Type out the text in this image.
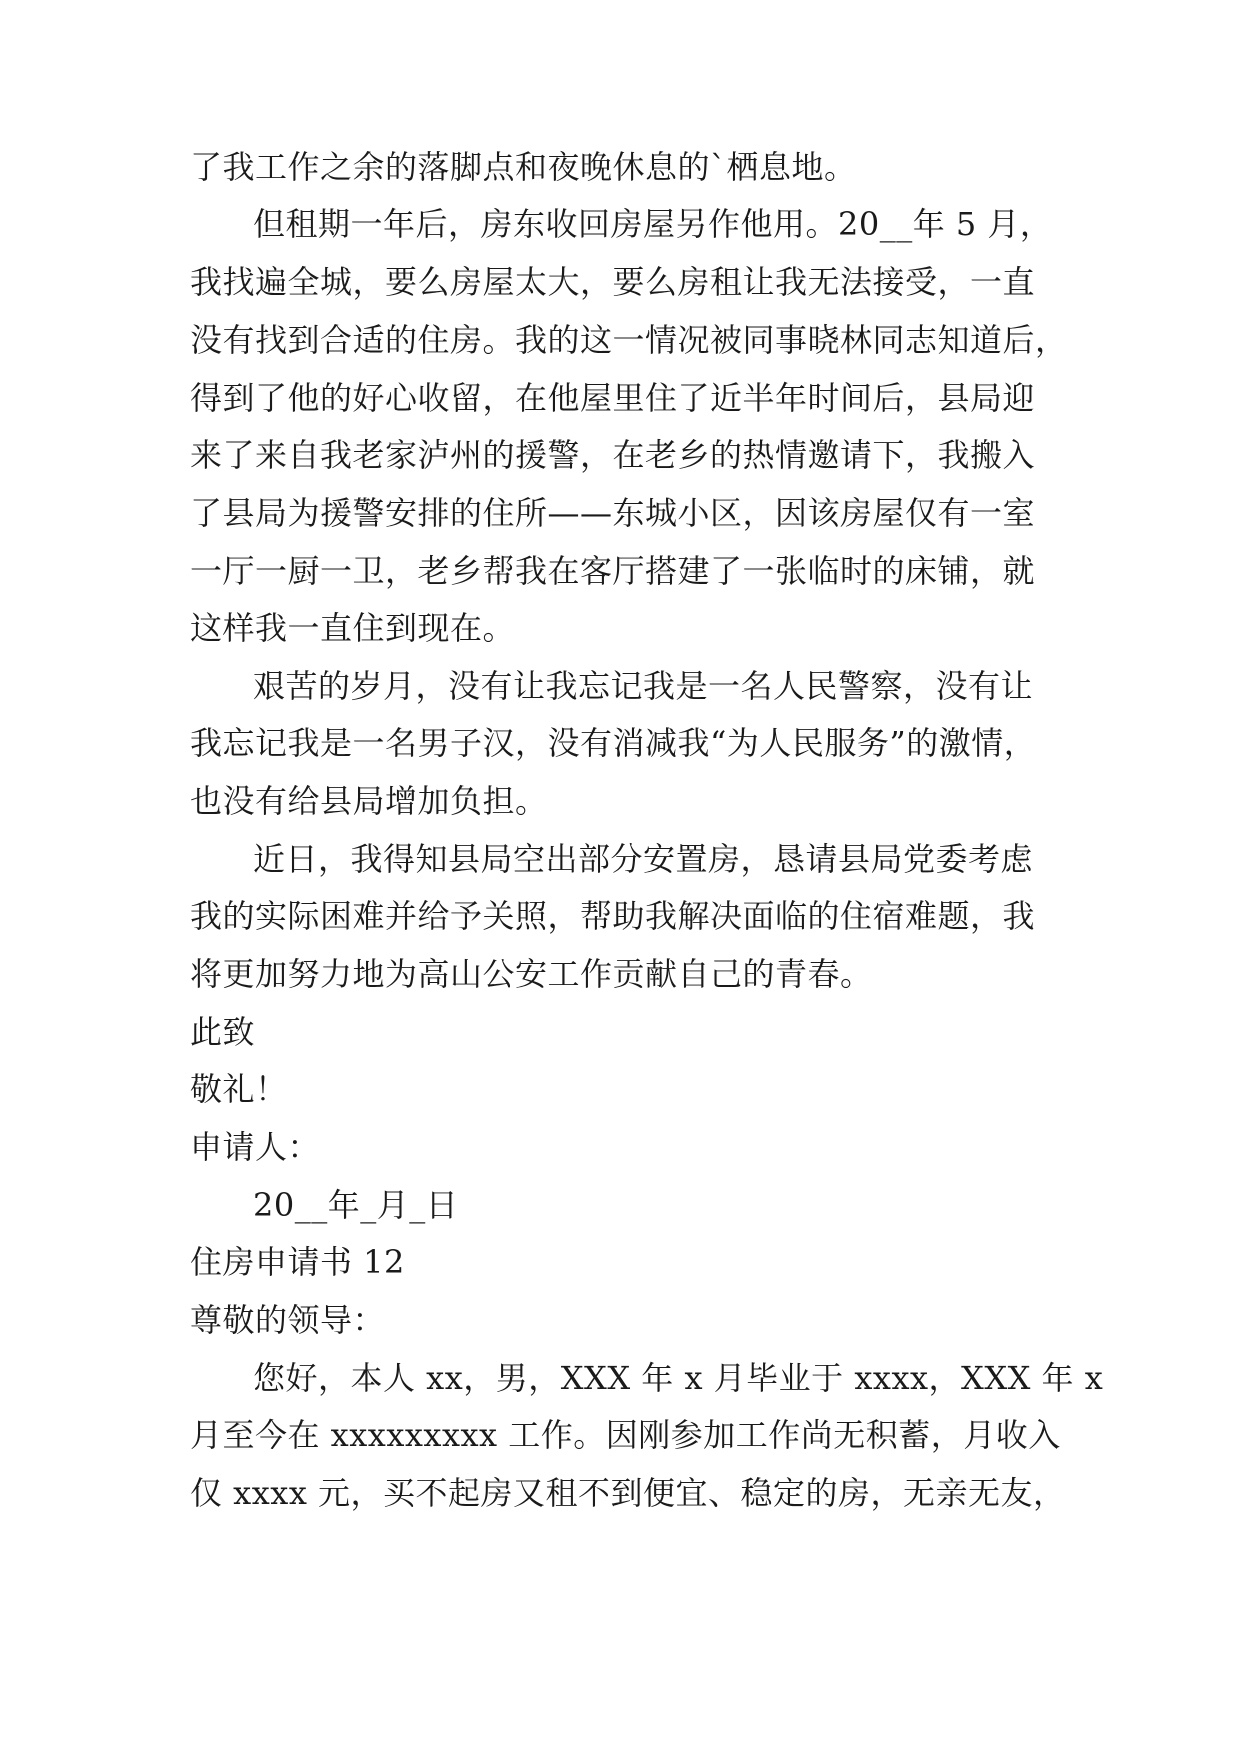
了我工作之余的落脚点和夜晚休息的`栖息地。
但租期一年后，房东收回房屋另作他用。20__年 5 月，
我找遍全城，要么房屋太大，要么房租让我无法接受，一直
没有找到合适的住房。我的这一情况被同事晓林同志知道后，
得到了他的好心收留，在他屋里住了近半年时间后，县局迎
来了来自我老家泸州的援警，在老乡的热情邀请下，我搬入
了县局为援警安排的住所——东城小区，因该房屋仅有一室
一厅一厨一卫，老乡帮我在客厅搭建了一张临时的床铺，就
这样我一直住到现在。
艰苦的岁月，没有让我忘记我是一名人民警察，没有让
我忘记我是一名男子汉，没有消减我“为人民服务”的激情，
也没有给县局增加负担。
近日，我得知县局空出部分安置房，恳请县局党委考虑
我的实际困难并给予关照，帮助我解决面临的住宿难题，我
将更加努力地为高山公安工作贡献自己的青春。
此致
敬礼！
申请人：
20__年_月_日
住房申请书 12
尊敬的领导：
您好，本人 xx，男，XXX 年 x 月毕业于 xxxx，XXX 年 x
月至今在 xxxxxxxxx 工作。因刚参加工作尚无积蓄，月收入
仅 xxxx 元，买不起房又租不到便宜、稳定的房，无亲无友，
